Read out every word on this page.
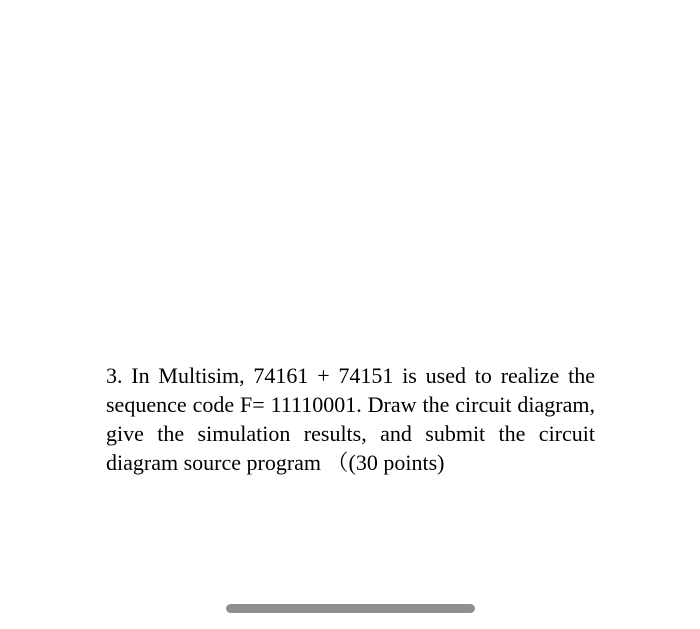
3. In Multisim, 74161 + 74151 is used to realize the sequence code F= 11110001. Draw the circuit diagram, give the simulation results, and submit the circuit diagram source program （(30 points)
